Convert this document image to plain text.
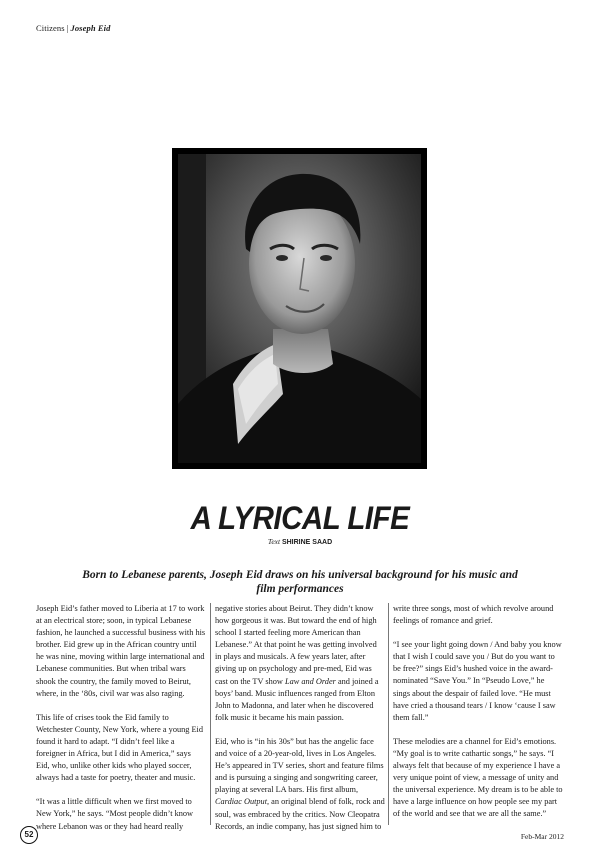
Citizens | Joseph Eid
A LYRICAL LIFE
Text SHIRINE SAAD
Born to Lebanese parents, Joseph Eid draws on his universal background for his music and film performances

Joseph Eid’s father moved to Liberia at 17 to work at an electrical store; soon, in typical Lebanese fashion, he launched a successful business with his brother. Eid grew up in the African country until he was nine, moving within large international and Lebanese communities. But when tribal wars shook the country, the family moved to Beirut, where, in the ‘80s, civil war was also raging.

This life of crises took the Eid family to Wetchester County, New York, where a young Eid found it hard to adapt. “I didn’t feel like a foreigner in Africa, but I did in America,” says Eid, who, unlike other kids who played soccer, always had a taste for poetry, theater and music.

“It was a little difficult when we first moved to New York,” he says. “Most people didn’t know where Lebanon was or they had heard really

negative stories about Beirut. They didn’t know how gorgeous it was. But toward the end of high school I started feeling more American than Lebanese.” At that point he was getting involved in plays and musicals. A few years later, after giving up on psychology and pre-med, Eid was cast on the TV show Law and Order and joined a boys’ band. Music influences ranged from Elton John to Madonna, and later when he discovered folk music it became his main passion.

Eid, who is “in his 30s” but has the angelic face and voice of a 20-year-old, lives in Los Angeles. He’s appeared in TV series, short and feature films and is pursuing a singing and songwriting career, playing at several LA bars. His first album, Cardiac Output, an original blend of folk, rock and soul, was embraced by the critics. Now Cleopatra Records, an indie company, has just signed him to

write three songs, most of which revolve around feelings of romance and grief.

“I see your light going down / And baby you know that I wish I could save you / But do you want to be free?” sings Eid’s hushed voice in the award-nominated “Save You.” In “Pseudo Love,” he sings about the despair of failed love. “He must have cried a thousand tears / I know ‘cause I saw them fall.”

These melodies are a channel for Eid’s emotions. “My goal is to write cathartic songs,” he says. “I always felt that because of my experience I have a very unique point of view, a message of unity and the universal experience. My dream is to be able to have a large influence on how people see my part of the world and see that we are all the same.”

52	Feb-Mar 2012
